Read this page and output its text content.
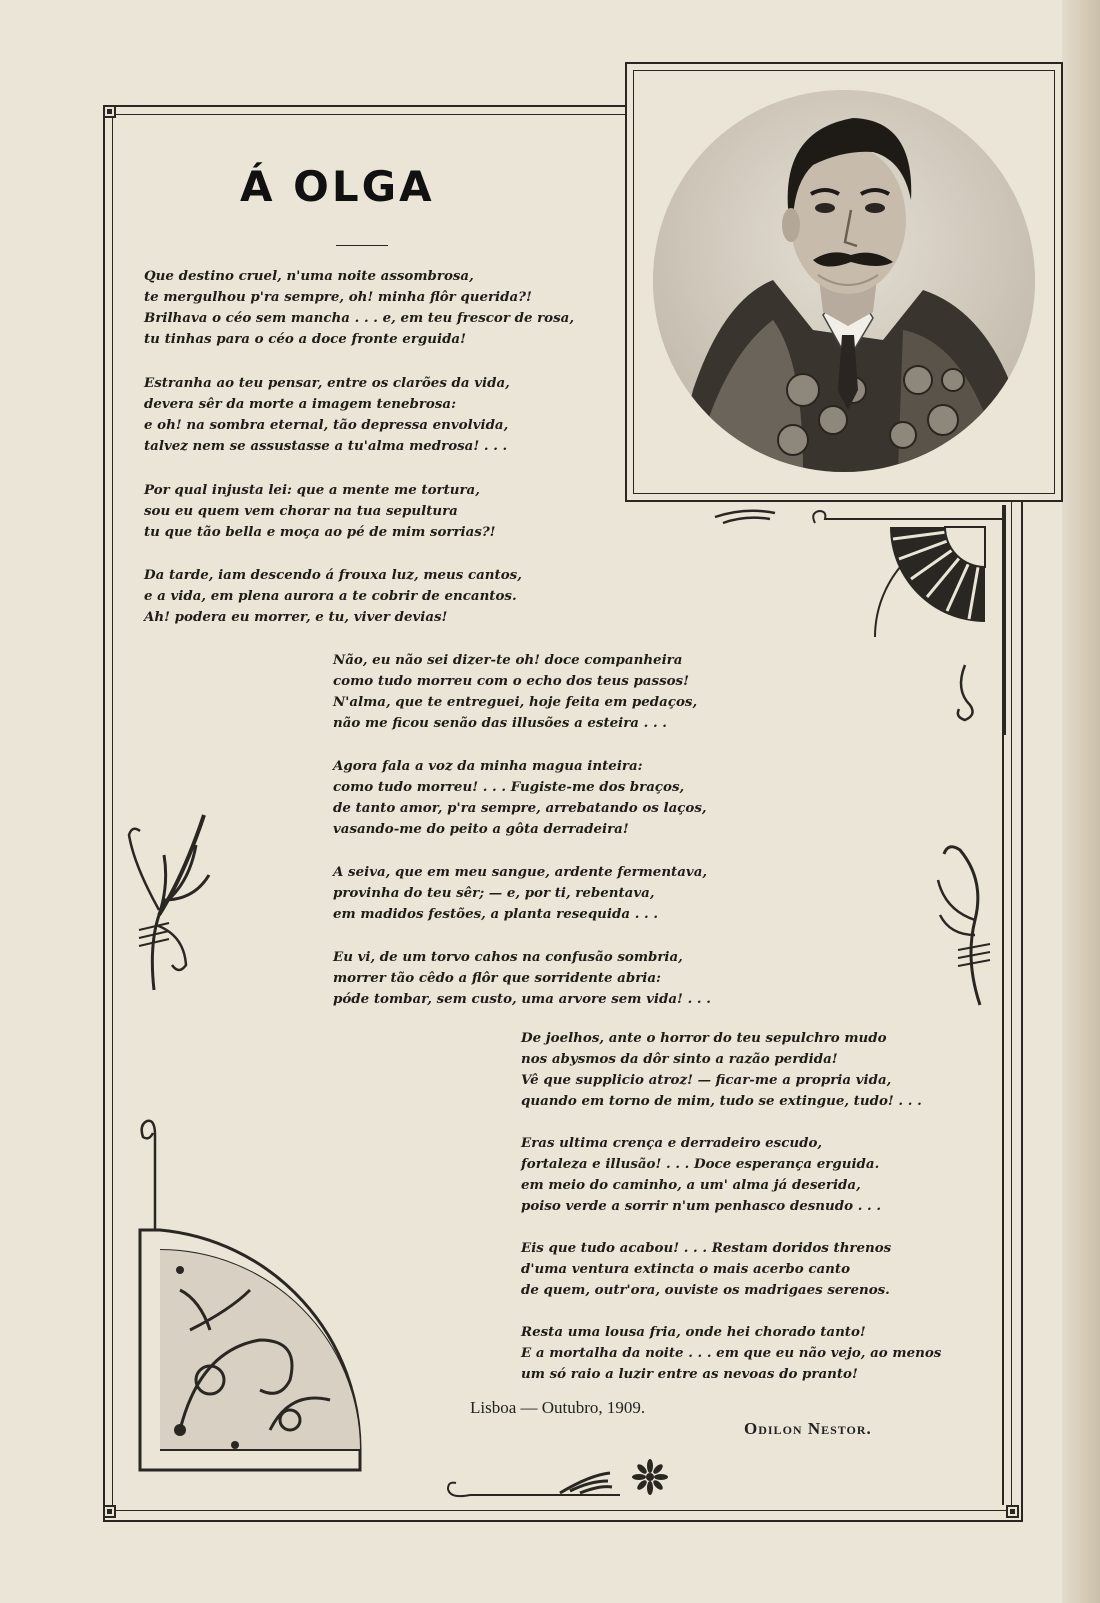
Á OLGA
Que destino cruel, n'uma noite assombrosa,
te mergulhou p'ra sempre, oh! minha flôr querida?!
Brilhava o céo sem mancha . . . e, em teu frescor de rosa,
tu tinhas para o céo a doce fronte erguida!
Estranha ao teu pensar, entre os clarões da vida,
devera sêr da morte a imagem tenebrosa:
e oh! na sombra eternal, tão depressa envolvida,
talvez nem se assustasse a tu'alma medrosa! . . .
Por qual injusta lei: que a mente me tortura,
sou eu quem vem chorar na tua sepultura
tu que tão bella e moça ao pé de mim sorrias?!
Da tarde, iam descendo á frouxa luz, meus cantos,
e a vida, em plena aurora a te cobrir de encantos.
Ah! podera eu morrer, e tu, viver devias!
Não, eu não sei dizer-te oh! doce companheira
como tudo morreu com o echo dos teus passos!
N'alma, que te entreguei, hoje feita em pedaços,
não me ficou senão das illusões a esteira . . .
Agora fala a voz da minha magua inteira:
como tudo morreu! . . . Fugiste-me dos braços,
de tanto amor, p'ra sempre, arrebatando os laços,
vasando-me do peito a gôta derradeira!
A seiva, que em meu sangue, ardente fermentava,
provinha do teu sêr; — e, por ti, rebentava,
em madidos festões, a planta resequida . . .
Eu vi, de um torvo cahos na confusão sombria,
morrer tão cêdo a flôr que sorridente abria:
póde tombar, sem custo, uma arvore sem vida! . . .
De joelhos, ante o horror do teu sepulchro mudo
nos abysmos da dôr sinto a razão perdida!
Vê que supplicio atroz! — ficar-me a propria vida,
quando em torno de mim, tudo se extingue, tudo! . . .
Eras ultima crença e derradeiro escudo,
fortaleza e illusão! . . . Doce esperança erguida.
em meio do caminho, a um' alma já deserida,
poiso verde a sorrir n'um penhasco desnudo . . .
Eis que tudo acabou! . . . Restam doridos threnos
d'uma ventura extincta o mais acerbo canto
de quem, outr'ora, ouviste os madrigaes serenos.
Resta uma lousa fria, onde hei chorado tanto!
E a mortalha da noite . . . em que eu não vejo, ao menos
um só raio a luzir entre as nevoas do pranto!
Lisboa — Outubro, 1909.
Odilon Nestor.
